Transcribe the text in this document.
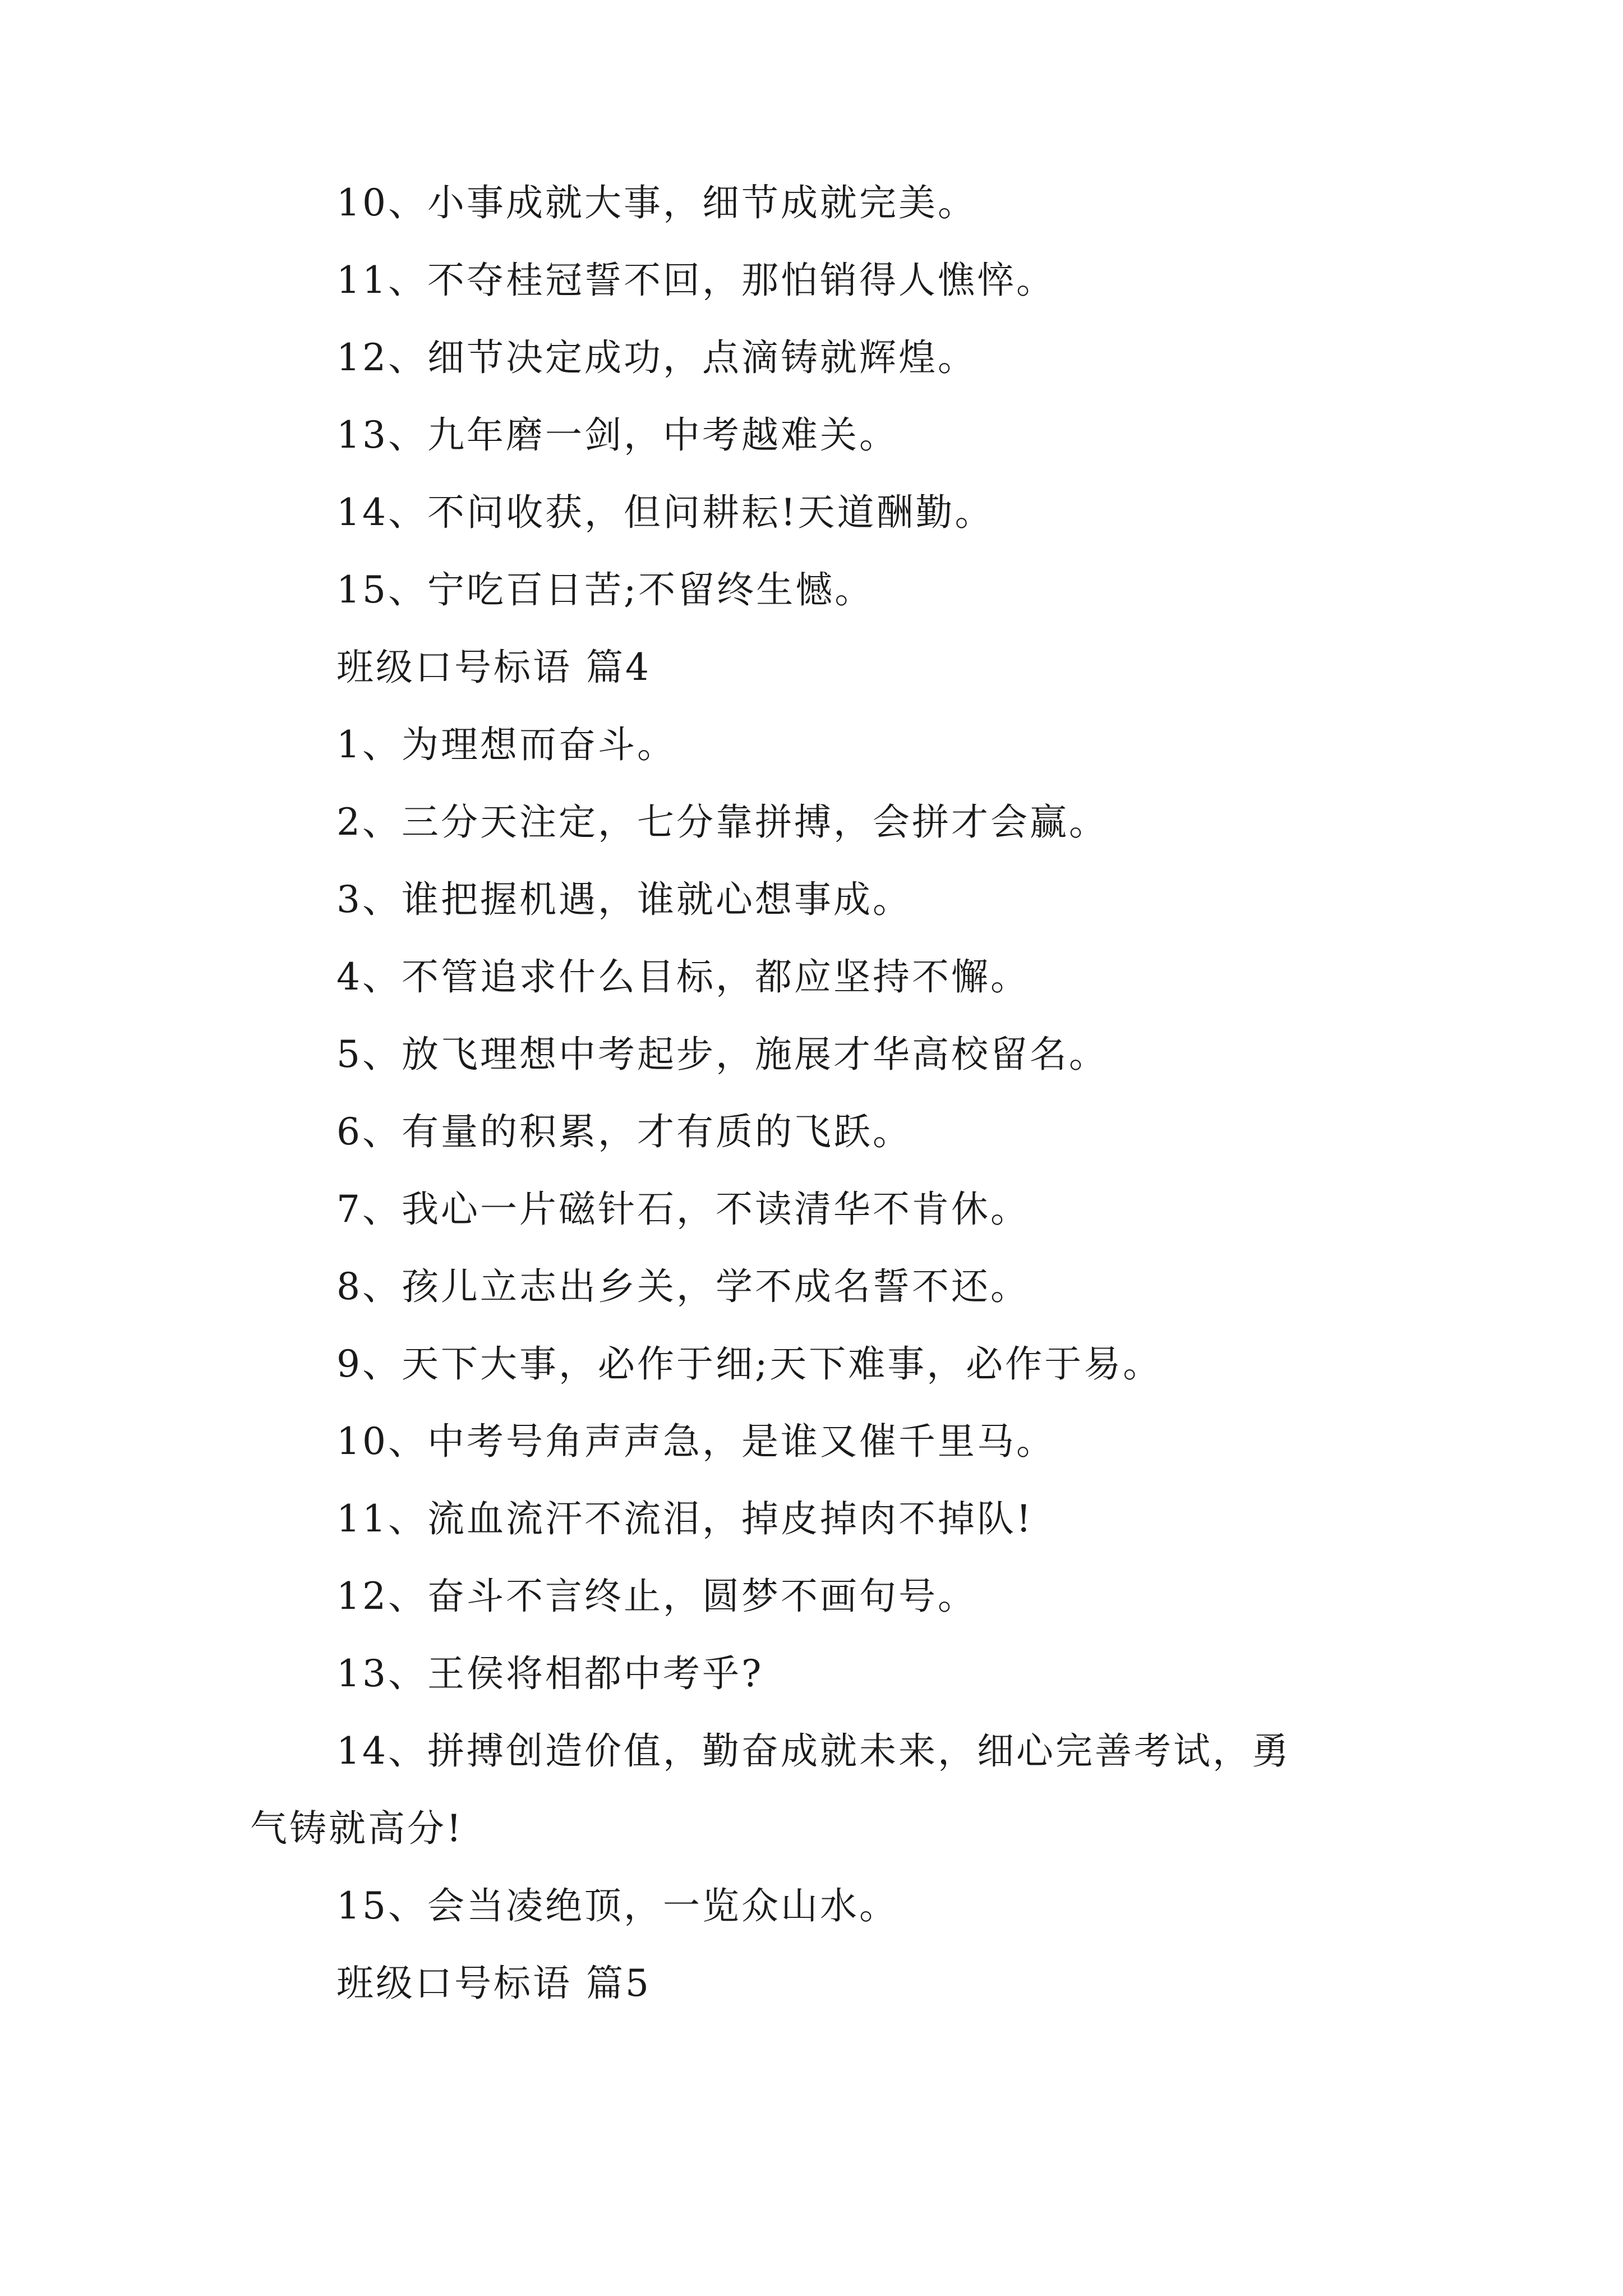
10、小事成就大事，细节成就完美。
11、不夺桂冠誓不回，那怕销得人憔悴。
12、细节决定成功，点滴铸就辉煌。
13、九年磨一剑，中考越难关。
14、不问收获，但问耕耘!天道酬勤。
15、宁吃百日苦;不留终生憾。
班级口号标语 篇4
1、为理想而奋斗。
2、三分天注定，七分靠拼搏，会拼才会赢。
3、谁把握机遇，谁就心想事成。
4、不管追求什么目标，都应坚持不懈。
5、放飞理想中考起步，施展才华高校留名。
6、有量的积累，才有质的飞跃。
7、我心一片磁针石，不读清华不肯休。
8、孩儿立志出乡关，学不成名誓不还。
9、天下大事，必作于细;天下难事，必作于易。
10、中考号角声声急，是谁又催千里马。
11、流血流汗不流泪，掉皮掉肉不掉队!
12、奋斗不言终止，圆梦不画句号。
13、王侯将相都中考乎?
14、拼搏创造价值，勤奋成就未来，细心完善考试，勇
气铸就高分!
15、会当凌绝顶，一览众山水。
班级口号标语 篇5
